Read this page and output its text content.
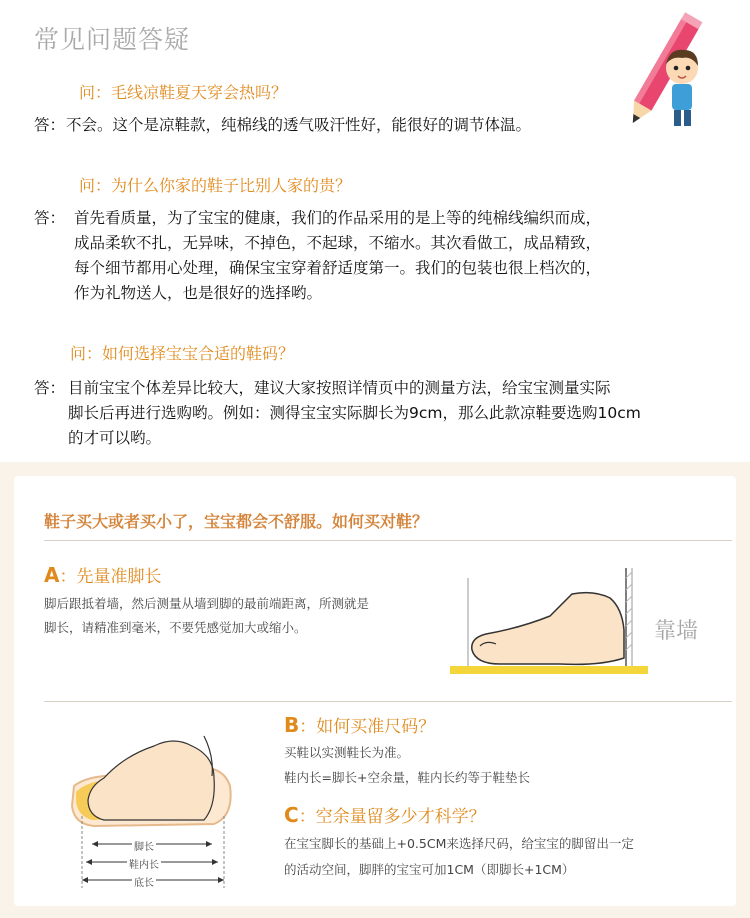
常见问题答疑
问：毛线凉鞋夏天穿会热吗？
答： 不会。这个是凉鞋款，纯棉线的透气吸汗性好，能很好的调节体温。
问：为什么你家的鞋子比别人家的贵？
答： 首先看质量，为了宝宝的健康，我们的作品采用的是上等的纯棉线编织而成，
成品柔软不扎，无异味，不掉色，不起球，不缩水。其次看做工，成品精致，
每个细节都用心处理，确保宝宝穿着舒适度第一。我们的包装也很上档次的，
作为礼物送人，也是很好的选择哟。
问：如何选择宝宝合适的鞋码？
答： 目前宝宝个体差异比较大，建议大家按照详情页中的测量方法，给宝宝测量实际
脚长后再进行选购哟。例如：测得宝宝实际脚长为9cm，那么此款凉鞋要选购10cm
的才可以哟。
鞋子买大或者买小了，宝宝都会不舒服。如何买对鞋？
A：先量准脚长
脚后跟抵着墙，然后测量从墙到脚的最前端距离，所测就是
脚长，请精准到毫米，不要凭感觉加大或缩小。	靠墙
脚长
鞋内长
底长
B：如何买准尺码？
买鞋以实测鞋长为准。
鞋内长=脚长+空余量，鞋内长约等于鞋垫长
C：空余量留多少才科学？
在宝宝脚长的基础上+0.5CM来选择尺码，给宝宝的脚留出一定
的活动空间，脚胖的宝宝可加1CM（即脚长+1CM）
